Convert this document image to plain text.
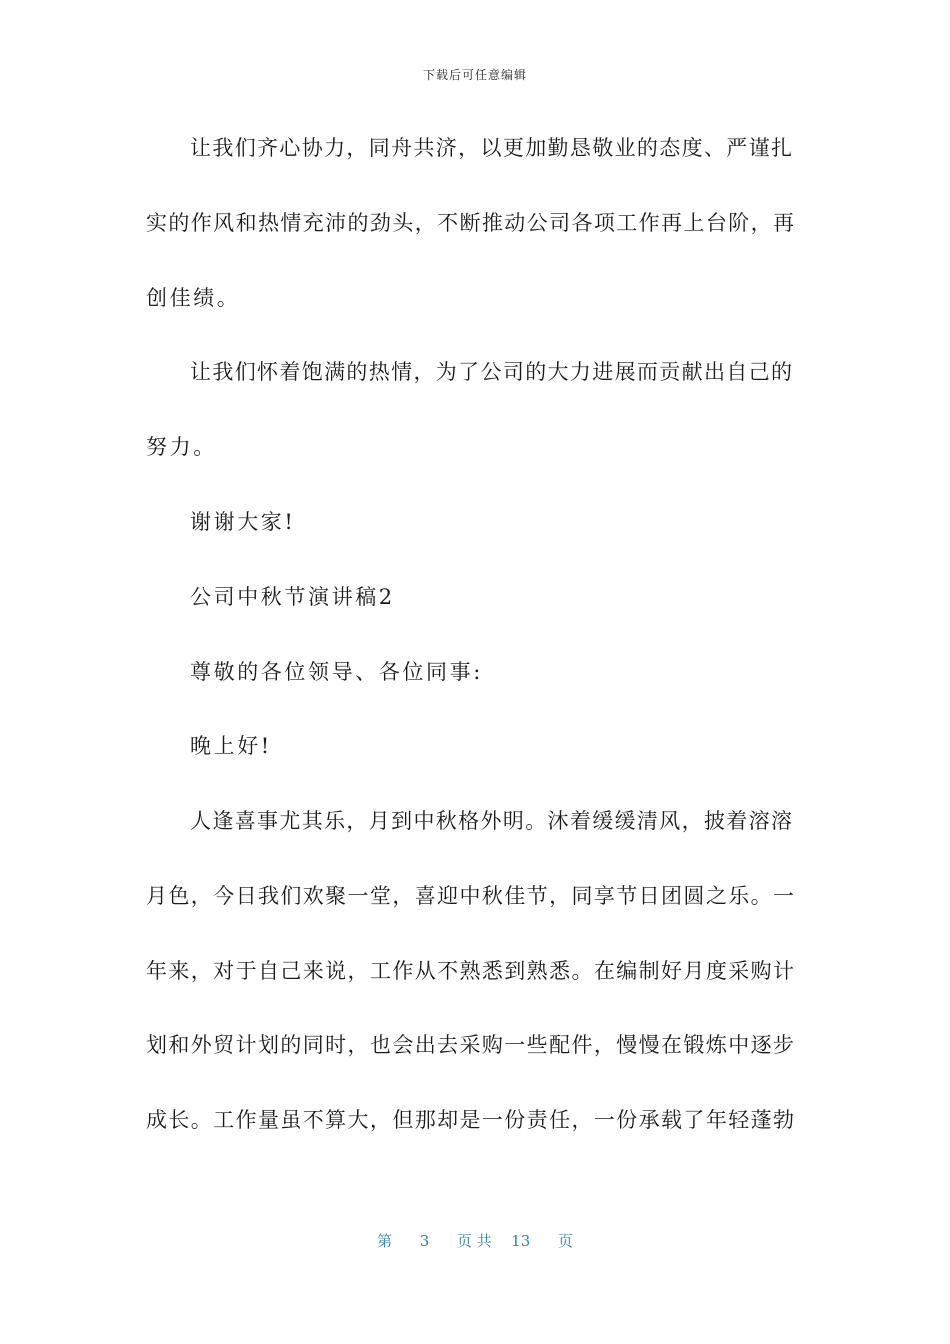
下载后可任意编辑
让我们齐心协力，同舟共济，以更加勤恳敬业的态度、严谨扎
实的作风和热情充沛的劲头，不断推动公司各项工作再上台阶，再
创佳绩。
让我们怀着饱满的热情，为了公司的大力进展而贡献出自己的
努力。
谢谢大家!
公司中秋节演讲稿2
尊敬的各位领导、各位同事:
晚上好!
人逢喜事尤其乐，月到中秋格外明。沐着缓缓清风，披着溶溶
月色，今日我们欢聚一堂，喜迎中秋佳节，同享节日团圆之乐。一
年来，对于自己来说，工作从不熟悉到熟悉。在编制好月度采购计
划和外贸计划的同时，也会出去采购一些配件，慢慢在锻炼中逐步
成长。工作量虽不算大，但那却是一份责任，一份承载了年轻蓬勃
第 3 页 共 13 页
